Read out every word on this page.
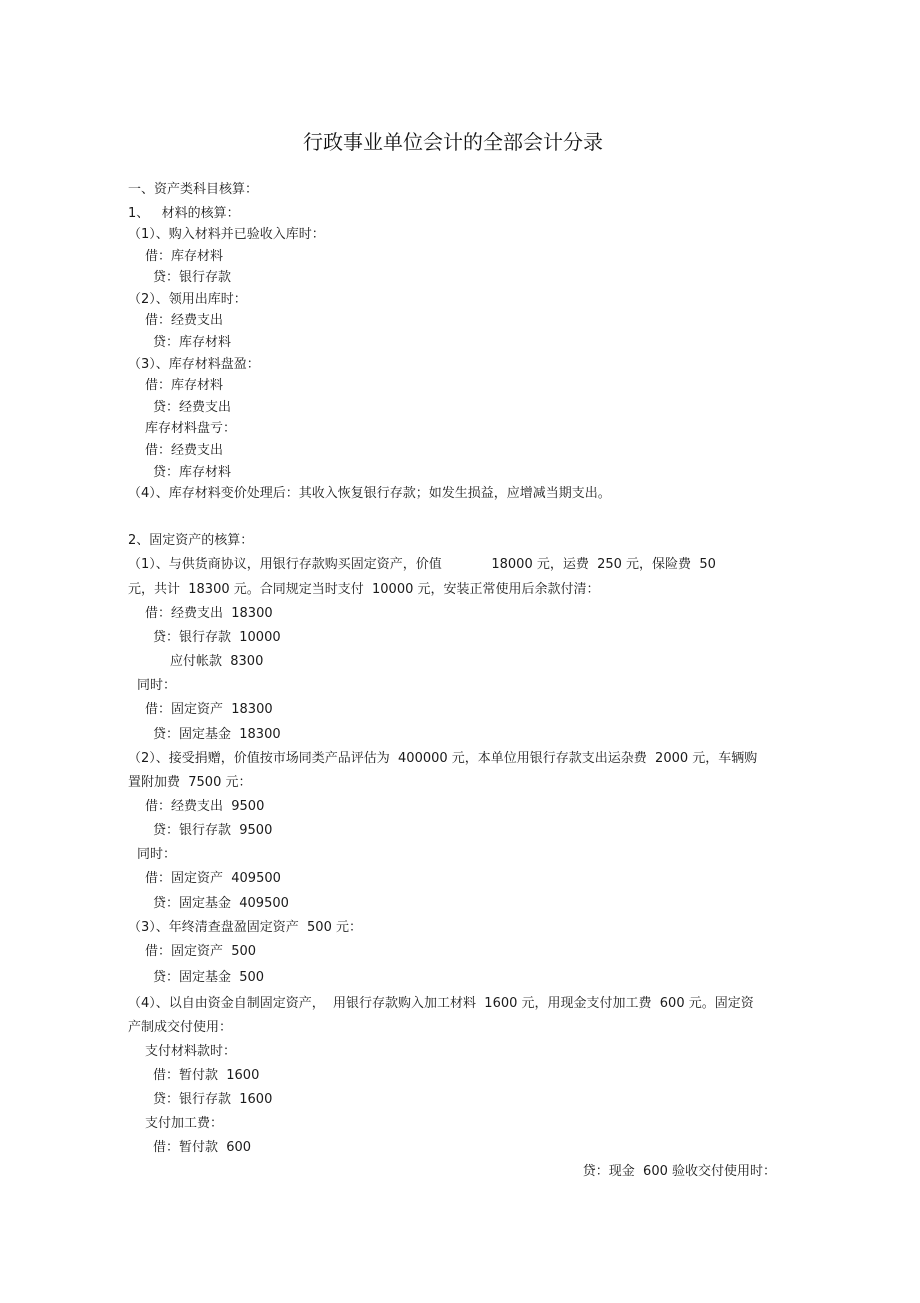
行政事业单位会计的全部会计分录
一、资产类科目核算：
1、   材料的核算：
（1）、购入材料并已验收入库时：
借：库存材料
贷：银行存款
（2）、领用出库时：
借：经费支出
贷：库存材料
（3）、库存材料盘盈：
借：库存材料
贷：经费支出
库存材料盘亏：
借：经费支出
贷：库存材料
（4）、库存材料变价处理后：其收入恢复银行存款；如发生损益，应增减当期支出。
2、固定资产的核算：
（1）、与供货商协议，用银行存款购买固定资产，价值            18000 元，运费  250 元，保险费  50
元，共计  18300 元。合同规定当时支付  10000 元，安装正常使用后余款付清：
借：经费支出  18300
贷：银行存款  10000
应付帐款  8300
同时：
借：固定资产  18300
贷：固定基金  18300
（2）、接受捐赠，价值按市场同类产品评估为  400000 元，本单位用银行存款支出运杂费  2000 元，车辆购
置附加费  7500 元：
借：经费支出  9500
贷：银行存款  9500
同时：
借：固定资产  409500
贷：固定基金  409500
（3）、年终清查盘盈固定资产  500 元：
借：固定资产  500
贷：固定基金  500
（4）、以自由资金自制固定资产，  用银行存款购入加工材料  1600 元，用现金支付加工费  600 元。固定资
产制成交付使用：
支付材料款时：
借：暂付款  1600
贷：银行存款  1600
支付加工费：
借：暂付款  600
贷：现金  600 验收交付使用时：
